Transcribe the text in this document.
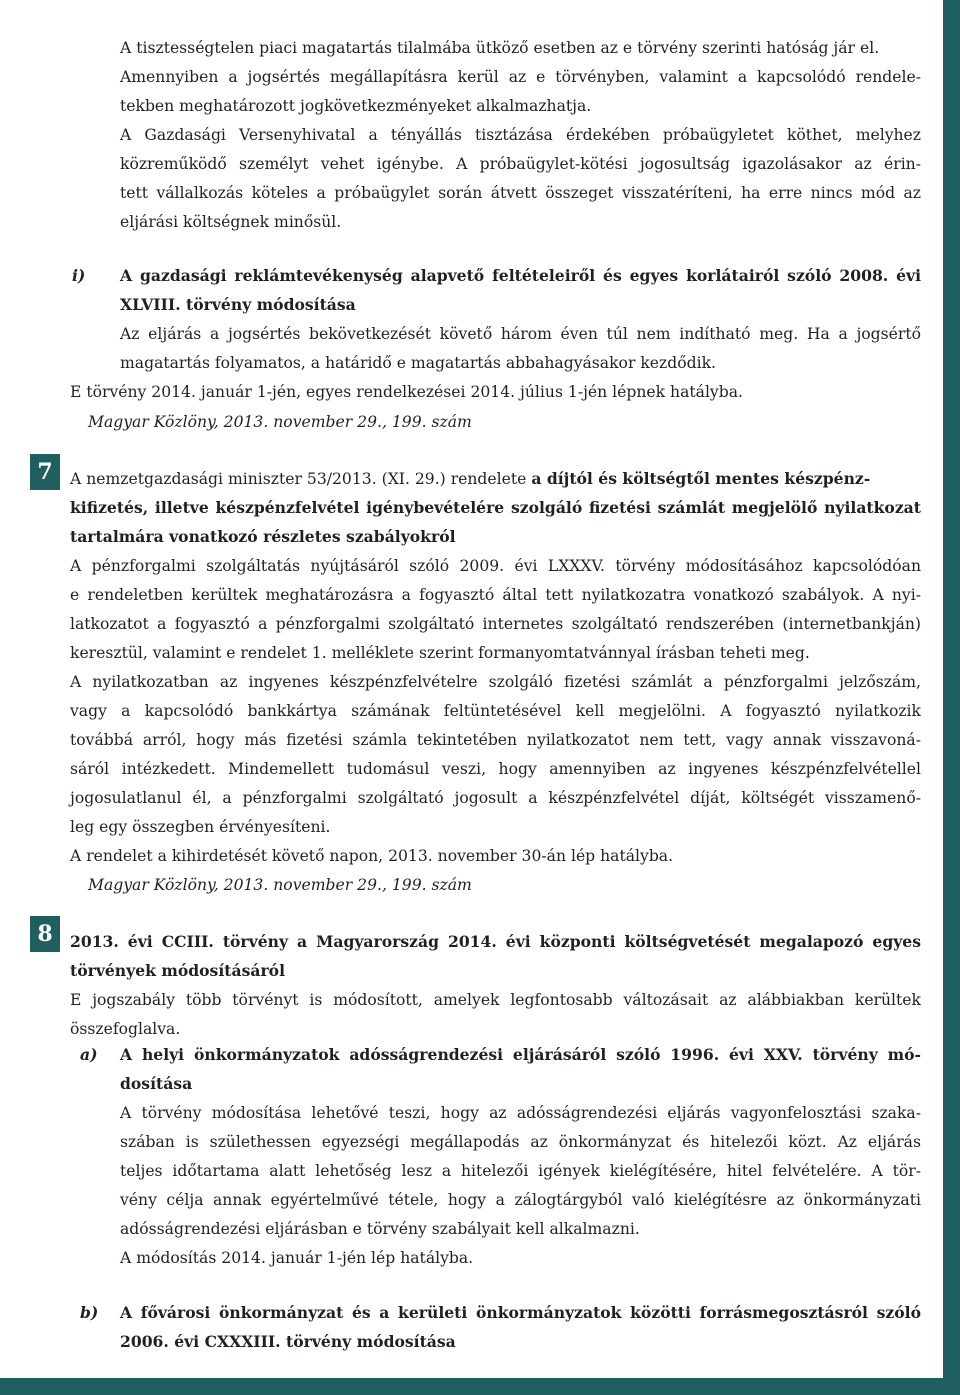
A tisztességtelen piaci magatartás tilalmába ütköző esetben az e törvény szerinti hatóság jár el.
Amennyiben a jogsértés megállapításra kerül az e törvényben, valamint a kapcsolódó rendele-
tekben meghatározott jogkövetkezményeket alkalmazhatja.
A Gazdasági Versenyhivatal a tényállás tisztázása érdekében próbaügyletet köthet, melyhez
közreműködő személyt vehet igénybe. A próbaügylet-kötési jogosultság igazolásakor az érin-
tett vállalkozás köteles a próbaügylet során átvett összeget visszatéríteni, ha erre nincs mód az
eljárási költségnek minősül.
i) A gazdasági reklámtevékenység alapvető feltételeiről és egyes korlátairól szóló 2008. évi
XLVIII. törvény módosítása
Az eljárás a jogsértés bekövetkezését követő három éven túl nem indítható meg. Ha a jogsértő
magatartás folyamatos, a határidő e magatartás abbahagyásakor kezdődik.
E törvény 2014. január 1-jén, egyes rendelkezései 2014. július 1-jén lépnek hatályba.
Magyar Közlöny, 2013. november 29., 199. szám
7	A nemzetgazdasági miniszter 53/2013. (XI. 29.) rendelete a díjtól és költségtől mentes készpénz-
kifizetés, illetve készpénzfelvétel igénybevételére szolgáló fizetési számlát megjelölő nyilatkozat
tartalmára vonatkozó részletes szabályokról
A pénzforgalmi szolgáltatás nyújtásáról szóló 2009. évi LXXXV. törvény módosításához kapcsolódóan
e rendeletben kerültek meghatározásra a fogyasztó által tett nyilatkozatra vonatkozó szabályok. A nyi-
latkozatot a fogyasztó a pénzforgalmi szolgáltató internetes szolgáltató rendszerében (internetbankján)
keresztül, valamint e rendelet 1. melléklete szerint formanyomtatvánnyal írásban teheti meg.
A nyilatkozatban az ingyenes készpénzfelvételre szolgáló fizetési számlát a pénzforgalmi jelzőszám,
vagy a kapcsolódó bankkártya számának feltüntetésével kell megjelölni. A fogyasztó nyilatkozik
továbbá arról, hogy más fizetési számla tekintetében nyilatkozatot nem tett, vagy annak visszavoná-
sáról intézkedett. Mindemellett tudomásul veszi, hogy amennyiben az ingyenes készpénzfelvétellel
jogosulatlanul él, a pénzforgalmi szolgáltató jogosult a készpénzfelvétel díját, költségét visszamenő-
leg egy összegben érvényesíteni.
A rendelet a kihirdetését követő napon, 2013. november 30-án lép hatályba.
Magyar Közlöny, 2013. november 29., 199. szám
8	2013. évi CCIII. törvény a Magyarország 2014. évi központi költségvetését megalapozó egyes
törvények módosításáról
E jogszabály több törvényt is módosított, amelyek legfontosabb változásait az alábbiakban kerültek
összefoglalva.
a) A helyi önkormányzatok adósságrendezési eljárásáról szóló 1996. évi XXV. törvény mó-
dosítása
A törvény módosítása lehetővé teszi, hogy az adósságrendezési eljárás vagyonfelosztási szaka-
szában is születhessen egyezségi megállapodás az önkormányzat és hitelezői közt. Az eljárás
teljes időtartama alatt lehetőség lesz a hitelezői igények kielégítésére, hitel felvételére. A tör-
vény célja annak egyértelművé tétele, hogy a zálogtárgyból való kielégítésre az önkormányzati
adósságrendezési eljárásban e törvény szabályait kell alkalmazni.
A módosítás 2014. január 1-jén lép hatályba.
b) A fővárosi önkormányzat és a kerületi önkormányzatok közötti forrásmegosztásról szóló
2006. évi CXXXIII. törvény módosítása
